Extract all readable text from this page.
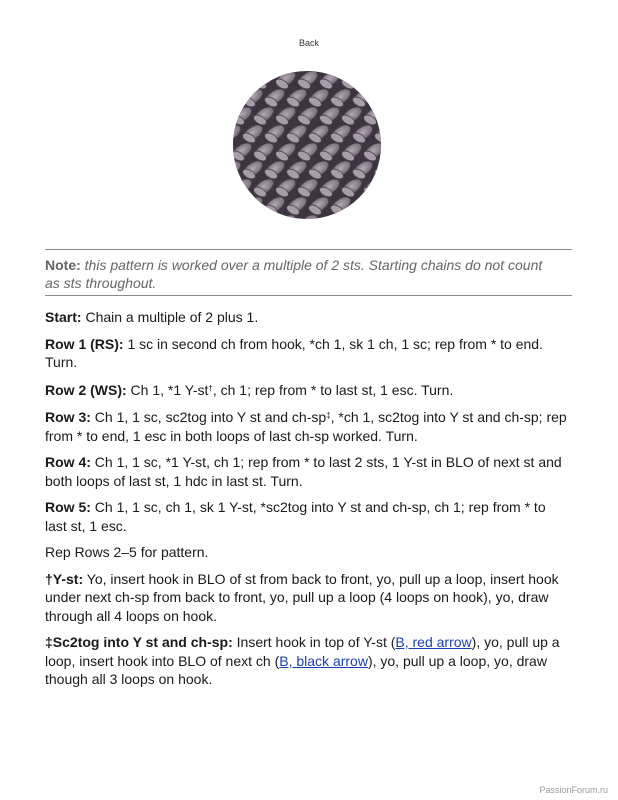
Back
Note: this pattern is worked over a multiple of 2 sts. Starting chains do not count as sts throughout.

Start: Chain a multiple of 2 plus 1.

Row 1 (RS): 1 sc in second ch from hook, *ch 1, sk 1 ch, 1 sc; rep from * to end. Turn.

Row 2 (WS): Ch 1, *1 Y-st†, ch 1; rep from * to last st, 1 esc. Turn.

Row 3: Ch 1, 1 sc, sc2tog into Y st and ch-sp‡, *ch 1, sc2tog into Y st and ch-sp; rep from * to end, 1 esc in both loops of last ch-sp worked. Turn.

Row 4: Ch 1, 1 sc, *1 Y-st, ch 1; rep from * to last 2 sts, 1 Y-st in BLO of next st and both loops of last st, 1 hdc in last st. Turn.

Row 5: Ch 1, 1 sc, ch 1, sk 1 Y-st, *sc2tog into Y st and ch-sp, ch 1; rep from * to last st, 1 esc.

Rep Rows 2–5 for pattern.

†Y-st: Yo, insert hook in BLO of st from back to front, yo, pull up a loop, insert hook under next ch-sp from back to front, yo, pull up a loop (4 loops on hook), yo, draw through all 4 loops on hook.

‡Sc2tog into Y st and ch-sp: Insert hook in top of Y-st (B, red arrow), yo, pull up a loop, insert hook into BLO of next ch (B, black arrow), yo, pull up a loop, yo, draw though all 3 loops on hook.

PassionForum.ru
